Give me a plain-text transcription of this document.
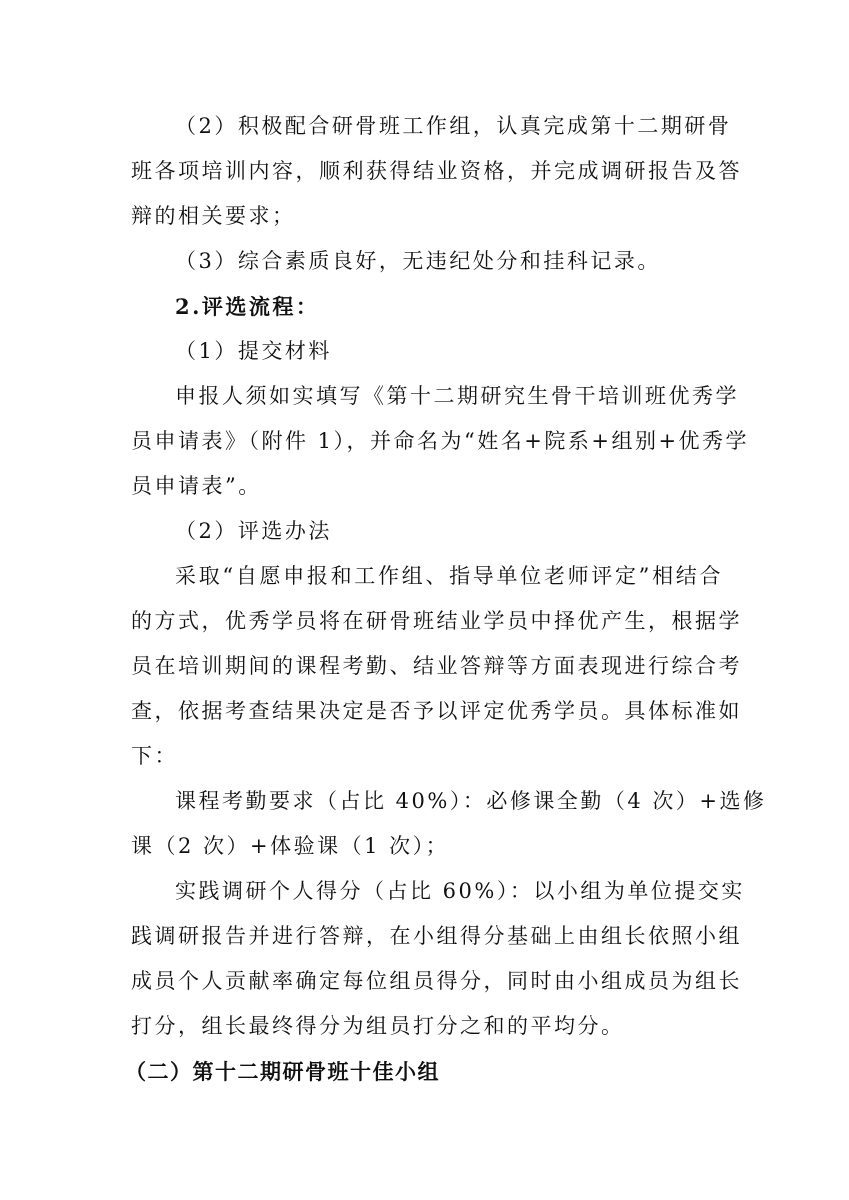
（2）积极配合研骨班工作组，认真完成第十二期研骨
班各项培训内容，顺利获得结业资格，并完成调研报告及答
辩的相关要求；
（3）综合素质良好，无违纪处分和挂科记录。
2.评选流程：
（1）提交材料
申报人须如实填写《第十二期研究生骨干培训班优秀学
员申请表》（附件 1），并命名为“姓名+院系+组别+优秀学
员申请表”。
（2）评选办法
采取“自愿申报和工作组、指导单位老师评定”相结合
的方式，优秀学员将在研骨班结业学员中择优产生，根据学
员在培训期间的课程考勤、结业答辩等方面表现进行综合考
查，依据考查结果决定是否予以评定优秀学员。具体标准如
下：
课程考勤要求（占比 40%）：必修课全勤（4 次）+选修
课（2 次）+体验课（1 次）；
实践调研个人得分（占比 60%）：以小组为单位提交实
践调研报告并进行答辩，在小组得分基础上由组长依照小组
成员个人贡献率确定每位组员得分，同时由小组成员为组长
打分，组长最终得分为组员打分之和的平均分。
（二）第十二期研骨班十佳小组
